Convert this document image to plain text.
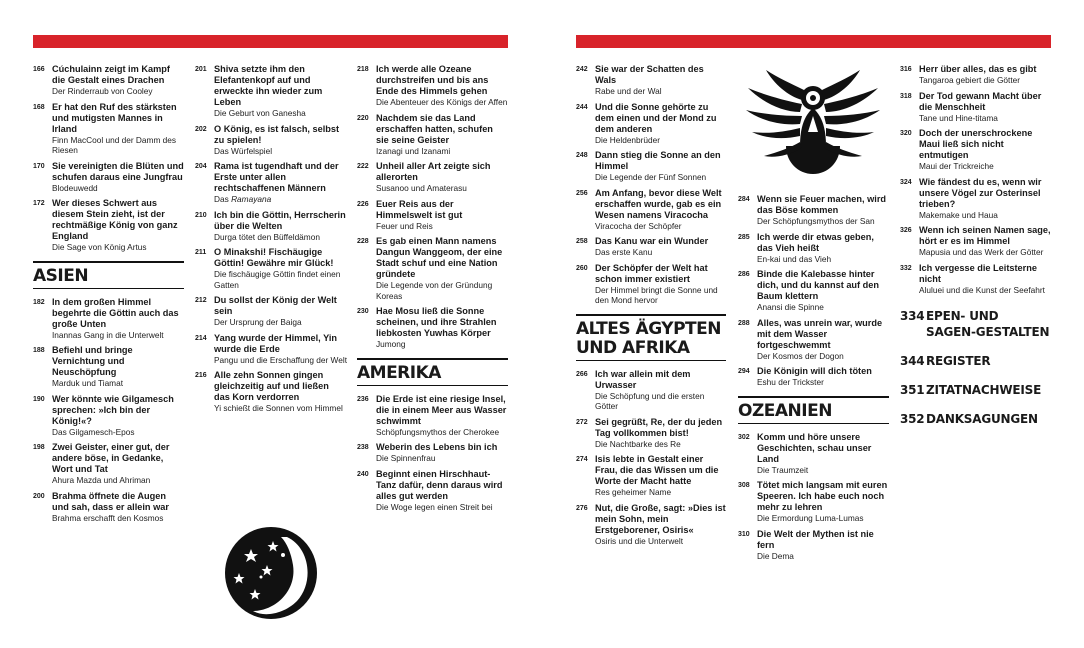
166 Cúchulainn zeigt im Kampf die Gestalt eines Drachen
Der Rinderraub von Cooley
168 Er hat den Ruf des stärksten und mutigsten Mannes in Irland
Finn MacCool und der Damm des Riesen
170 Sie vereinigten die Blüten und schufen daraus eine Jungfrau
Blodeuwedd
172 Wer dieses Schwert aus diesem Stein zieht, ist der rechtmäßige König von ganz England
Die Sage von König Artus
ASIEN
182 In dem großen Himmel begehrte die Göttin auch das große Unten
Inannas Gang in die Unterwelt
188 Befiehl und bringe Vernichtung und Neuschöpfung
Marduk und Tiamat
190 Wer könnte wie Gilgamesch sprechen: »Ich bin der König!«?
Das Gilgamesch-Epos
198 Zwei Geister, einer gut, der andere böse, in Gedanke, Wort und Tat
Ahura Mazda und Ahriman
200 Brahma öffnete die Augen und sah, dass er allein war
Brahma erschafft den Kosmos
201 Shiva setzte ihm den Elefantenkopf auf und erweckte ihn wieder zum Leben
Die Geburt von Ganesha
202 O König, es ist falsch, selbst zu spielen!
Das Würfelspiel
204 Rama ist tugendhaft und der Erste unter allen rechtschaffenen Männern
Das Ramayana
210 Ich bin die Göttin, Herrscherin über die Welten
Durga tötet den Büffeldämon
211 O Minakshi! Fischäugige Göttin! Gewähre mir Glück!
Die fischäugige Göttin findet einen Gatten
212 Du sollst der König der Welt sein
Der Ursprung der Baiga
214 Yang wurde der Himmel, Yin wurde die Erde
Pangu und die Erschaffung der Welt
216 Alle zehn Sonnen gingen gleichzeitig auf und ließen das Korn verdorren
Yi schießt die Sonnen vom Himmel
218 Ich werde alle Ozeane durchstreifen und bis ans Ende des Himmels gehen
Die Abenteuer des Königs der Affen
220 Nachdem sie das Land erschaffen hatten, schufen sie seine Geister
Izanagi und Izanami
222 Unheil aller Art zeigte sich allerorten
Susanoo und Amaterasu
226 Euer Reis aus der Himmelswelt ist gut
Feuer und Reis
228 Es gab einen Mann namens Dangun Wanggeom, der eine Stadt schuf und eine Nation gründete
Die Legende von der Gründung Koreas
230 Hae Mosu ließ die Sonne scheinen, und ihre Strahlen liebkosten Yuwhas Körper
Jumong
AMERIKA
236 Die Erde ist eine riesige Insel, die in einem Meer aus Wasser schwimmt
Schöpfungsmythos der Cherokee
238 Weberin des Lebens bin ich
Die Spinnenfrau
240 Beginnt einen Hirschhaut-Tanz dafür, denn daraus wird alles gut werden
Die Woge legen einen Streit bei
242 Sie war der Schatten des Wals
Rabe und der Wal
244 Und die Sonne gehörte zu dem einen und der Mond zu dem anderen
Die Heldenbrüder
248 Dann stieg die Sonne an den Himmel
Die Legende der Fünf Sonnen
256 Am Anfang, bevor diese Welt erschaffen wurde, gab es ein Wesen namens Viracocha
Viracocha der Schöpfer
258 Das Kanu war ein Wunder
Das erste Kanu
260 Der Schöpfer der Welt hat schon immer existiert
Der Himmel bringt die Sonne und den Mond hervor
ALTES ÄGYPTEN
UND AFRIKA
266 Ich war allein mit dem Urwasser
Die Schöpfung und die ersten Götter
272 Sei gegrüßt, Re, der du jeden Tag vollkommen bist!
Die Nachtbarke des Re
274 Isis lebte in Gestalt einer Frau, die das Wissen um die Worte der Macht hatte
Res geheimer Name
276 Nut, die Große, sagt: »Dies ist mein Sohn, mein Erstgeborener, Osiris«
Osiris und die Unterwelt
284 Wenn sie Feuer machen, wird das Böse kommen
Der Schöpfungsmythos der San
285 Ich werde dir etwas geben, das Vieh heißt
En-kai und das Vieh
286 Binde die Kalebasse hinter dich, und du kannst auf den Baum klettern
Anansi die Spinne
288 Alles, was unrein war, wurde mit dem Wasser fortgeschwemmt
Der Kosmos der Dogon
294 Die Königin will dich töten
Eshu der Trickster
OZEANIEN
302 Komm und höre unsere Geschichten, schau unser Land
Die Traumzeit
308 Tötet mich langsam mit euren Speeren. Ich habe euch noch mehr zu lehren
Die Ermordung Luma-Lumas
310 Die Welt der Mythen ist nie fern
Die Dema
316 Herr über alles, das es gibt
Tangaroa gebiert die Götter
318 Der Tod gewann Macht über die Menschheit
Tane und Hine-titama
320 Doch der unerschrockene Maui ließ sich nicht entmutigen
Maui der Trickreiche
324 Wie fändest du es, wenn wir unsere Vögel zur Osterinsel trieben?
Makemake und Haua
326 Wenn ich seinen Namen sage, hört er es im Himmel
Mapusia und das Werk der Götter
332 Ich vergesse die Leitsterne nicht
Aluluei und die Kunst der Seefahrt
334 EPEN- UND SAGEN-GESTALTEN
344 REGISTER
351 ZITATNACHWEISE
352 DANKSAGUNGEN
